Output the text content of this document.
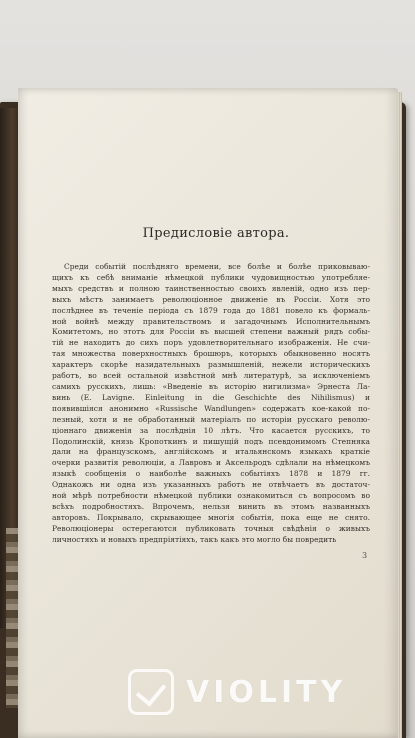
Предисловіе автора.
Среди событій послѣдняго времени, все болѣе и болѣе приковываю-
щихъ къ себѣ вниманіе нѣмецкой публики чудовищностью употребляе-
мыхъ средствъ и полною таинственностью своихъ явленій, одно изъ пер-
выхъ мѣстъ занимаетъ революціонное движеніе въ Россіи. Хотя это
послѣднее въ теченіе періода съ 1879 года до 1881 повело къ формаль-
ной войнѣ между правительствомъ и загадочнымъ Исполнительнымъ
Комитетомъ, но этотъ для Россіи въ высшей степени важный рядъ собы-
тій не находитъ до сихъ поръ удовлетворительнаго изображенія. Не счи-
тая множества поверхностныхъ брошюръ, которыхъ обыкновенно носятъ
характеръ скорѣе назидательныхъ размышленій, нежели историческихъ
работъ, во всей остальной извѣстной мнѣ литературѣ, за исключеніемъ
самихъ русскихъ, лишь: «Введеніе въ исторію нигилизма» Эрнеста Ла-
винь (E. Lavigne. Einleitung in die Geschichte des Nihilismus) и
появившіяся анонимно «Russische Wandlungen» содержатъ кое-какой по-
лезный, хотя и не обработанный матеріалъ по исторіи русскаго револю-
ціоннаго движенія за послѣднія 10 лѣтъ. Что касается русскихъ, то
Подолинскій, князь Кропоткинъ и пишущій подъ псевдонимомъ Степняка
дали на французскомъ, англійскомъ и итальянскомъ языкахъ краткіе
очерки развитія революціи, а Лавровъ и Аксельродъ сдѣлали на нѣмецкомъ
языкѣ сообщенія о наиболѣе важныхъ событіяхъ 1878 и 1879 гг.
Однакожъ ни одна изъ указанныхъ работъ не отвѣчаетъ въ достаточ-
ной мѣрѣ потребности нѣмецкой публики ознакомиться съ вопросомъ во
всѣхъ подробностяхъ. Впрочемъ, нельзя винить въ этомъ названныхъ
авторовъ. Покрывало, скрывающее многія событія, пока еще не снято.
Революціонеры остерегаются публиковать точныя свѣдѣнія о живыхъ
личностяхъ и новыхъ предпріятіяхъ, такъ какъ это могло бы повредить
3
VIOLITY
